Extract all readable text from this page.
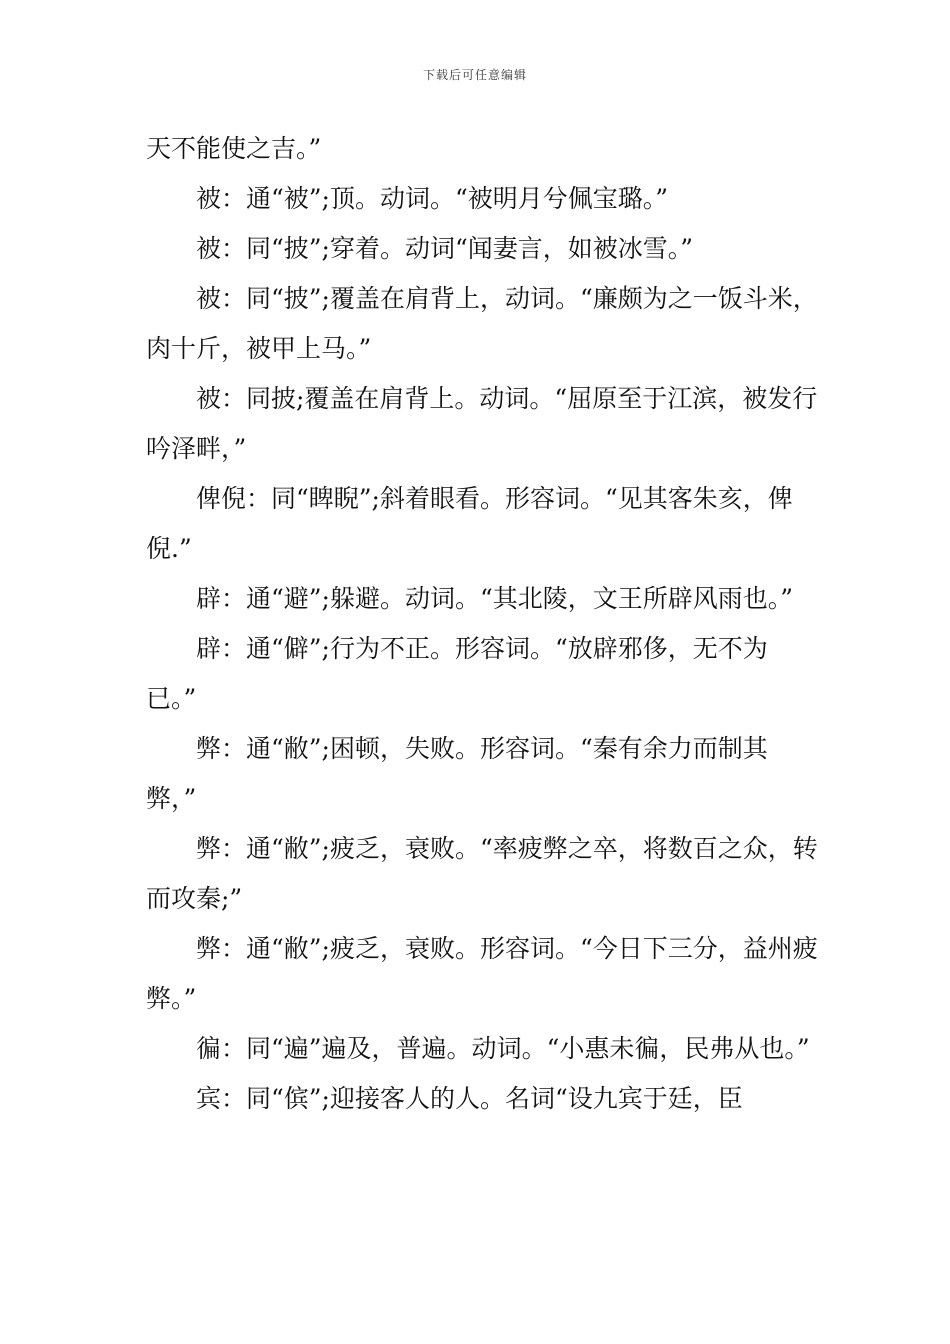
下载后可任意编辑

天不能使之吉。”

被：通“被”;顶。动词。“被明月兮佩宝璐。”

被：同“披”;穿着。动词“闻妻言，如被冰雪。”

被：同“披”;覆盖在肩背上，动词。“廉颇为之一饭斗米，肉十斤，被甲上马。”

被：同披;覆盖在肩背上。动词。“屈原至于江滨，被发行吟泽畔，”

俾倪：同“睥睨”;斜着眼看。形容词。“见其客朱亥，俾倪.”

辟：通“避”;躲避。动词。“其北陵，文王所辟风雨也。”

辟：通“僻”;行为不正。形容词。“放辟邪侈，无不为已。”

弊：通“敝”;困顿，失败。形容词。“秦有余力而制其弊，”

弊：通“敝”;疲乏，衰败。“率疲弊之卒，将数百之众，转而攻秦;”

弊：通“敝”;疲乏，衰败。形容词。“今日下三分，益州疲弊。”

徧：同“遍”遍及，普遍。动词。“小惠未徧，民弗从也。”

宾：同“傧”;迎接客人的人。名词“设九宾于廷，臣
